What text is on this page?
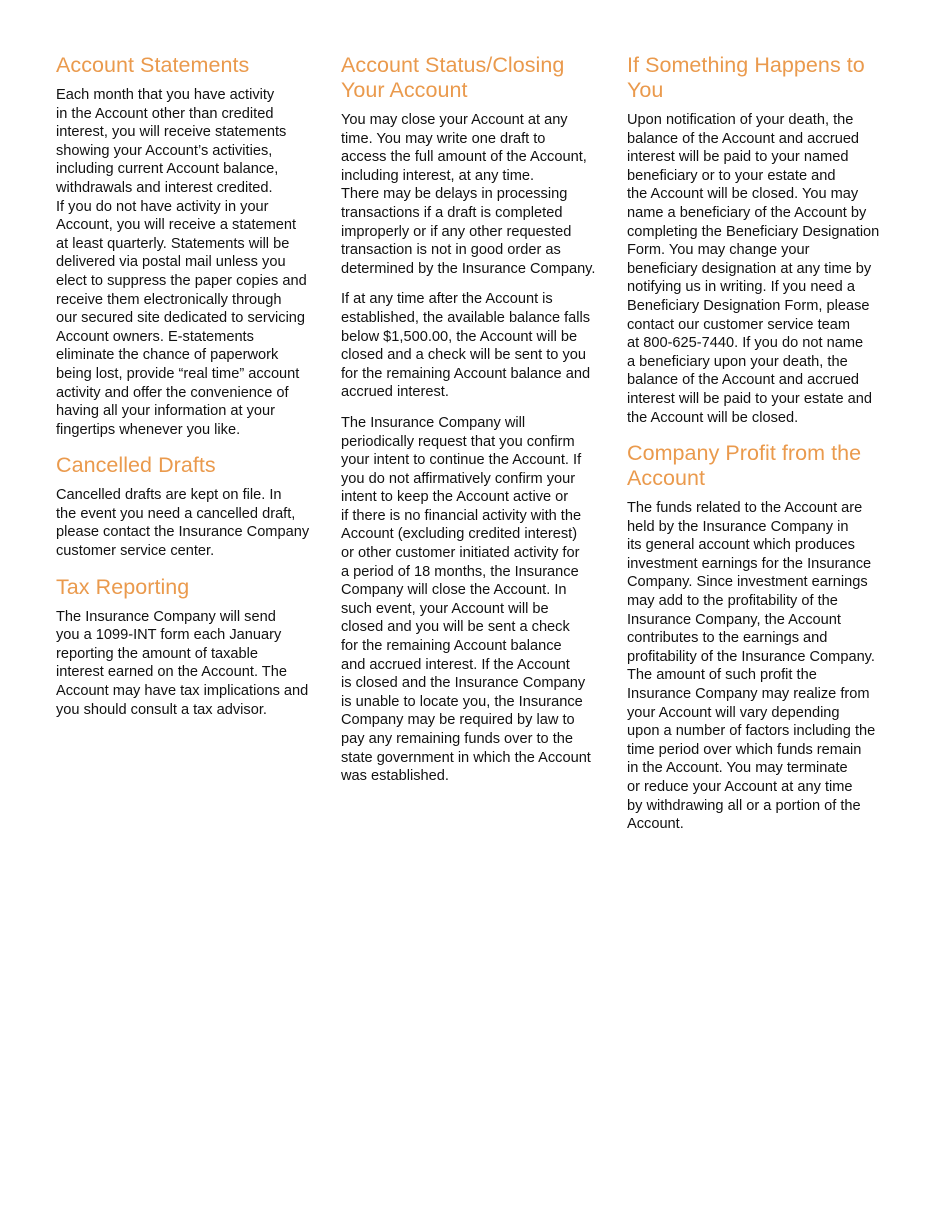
Account Statements

Each month that you have activity
in the Account other than credited
interest, you will receive statements
showing your Account’s activities,
including current Account balance,
withdrawals and interest credited.
If you do not have activity in your
Account, you will receive a statement
at least quarterly. Statements will be
delivered via postal mail unless you
elect to suppress the paper copies and
receive them electronically through
our secured site dedicated to servicing
Account owners. E-statements
eliminate the chance of paperwork
being lost, provide “real time” account
activity and offer the convenience of
having all your information at your
fingertips whenever you like.

Cancelled Drafts

Cancelled drafts are kept on file. In
the event you need a cancelled draft,
please contact the Insurance Company
customer service center.

Tax Reporting

The Insurance Company will send
you a 1099-INT form each January
reporting the amount of taxable
interest earned on the Account. The
Account may have tax implications and
you should consult a tax advisor.

Account Status/Closing Your Account

You may close your Account at any
time. You may write one draft to
access the full amount of the Account,
including interest, at any time.
There may be delays in processing
transactions if a draft is completed
improperly or if any other requested
transaction is not in good order as
determined by the Insurance Company.

If at any time after the Account is
established, the available balance falls
below $1,500.00, the Account will be
closed and a check will be sent to you
for the remaining Account balance and
accrued interest.

The Insurance Company will
periodically request that you confirm
your intent to continue the Account. If
you do not affirmatively confirm your
intent to keep the Account active or
if there is no financial activity with the
Account (excluding credited interest)
or other customer initiated activity for
a period of 18 months, the Insurance
Company will close the Account. In
such event, your Account will be
closed and you will be sent a check
for the remaining Account balance
and accrued interest. If the Account
is closed and the Insurance Company
is unable to locate you, the Insurance
Company may be required by law to
pay any remaining funds over to the
state government in which the Account
was established.

If Something Happens to You

Upon notification of your death, the
balance of the Account and accrued
interest will be paid to your named
beneficiary or to your estate and
the Account will be closed. You may
name a beneficiary of the Account by
completing the Beneficiary Designation
Form. You may change your
beneficiary designation at any time by
notifying us in writing. If you need a
Beneficiary Designation Form, please
contact our customer service team
at 800-625-7440. If you do not name
a beneficiary upon your death, the
balance of the Account and accrued
interest will be paid to your estate and
the Account will be closed.

Company Profit from the Account

The funds related to the Account are
held by the Insurance Company in
its general account which produces
investment earnings for the Insurance
Company. Since investment earnings
may add to the profitability of the
Insurance Company, the Account
contributes to the earnings and
profitability of the Insurance Company.
The amount of such profit the
Insurance Company may realize from
your Account will vary depending
upon a number of factors including the
time period over which funds remain
in the Account. You may terminate
or reduce your Account at any time
by withdrawing all or a portion of the
Account.
